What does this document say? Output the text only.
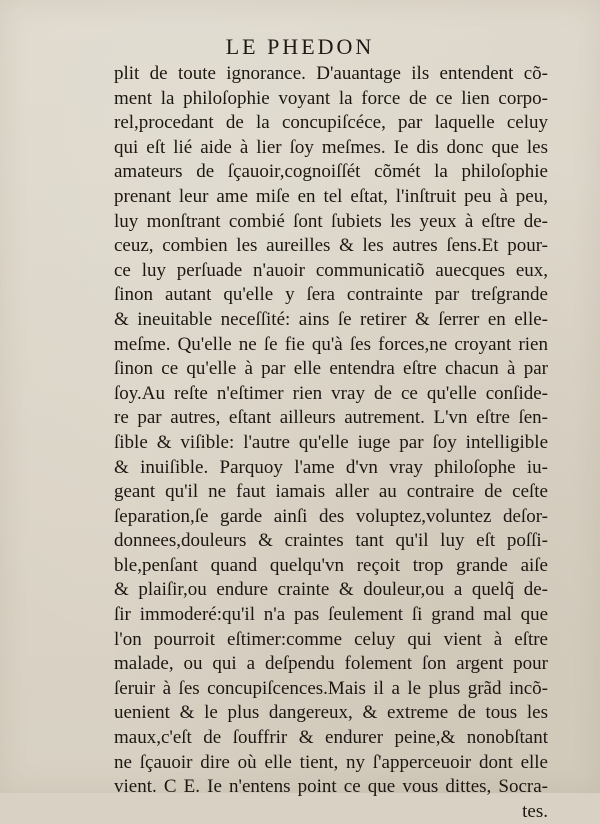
LE PHEDON
plit de toute ignorance. D'auantage ils entendent cõ-
ment la philoſophie voyant la force de ce lien corpo-
rel,procedant de la concupiſcéce, par laquelle celuy
qui eſt lié aide à lier ſoy meſmes. Ie dis donc que les
amateurs de ſçauoir,cognoiſſét cõmét la philoſophie
prenant leur ame miſe en tel eſtat, l'inſtruit peu à peu,
luy monſtrant combié ſont ſubiets les yeux à eſtre de-
ceuz, combien les aureilles & les autres ſens.Et pour-
ce luy perſuade n'auoir communicatiõ auecques eux,
ſinon autant qu'elle y ſera contrainte par treſgrande
& ineuitable neceſſité: ains ſe retirer & ſerrer en elle-
meſme. Qu'elle ne ſe fie qu'à ſes forces,ne croyant rien
ſinon ce qu'elle à par elle entendra eſtre chacun à par
ſoy.Au reſte n'eſtimer rien vray de ce qu'elle conſide-
re par autres, eſtant ailleurs autrement. L'vn eſtre ſen-
ſible & viſible: l'autre qu'elle iuge par ſoy intelligible
& inuiſible. Parquoy l'ame d'vn vray philoſophe iu-
geant qu'il ne faut iamais aller au contraire de ceſte
ſeparation,ſe garde ainſi des voluptez,voluntez deſor-
donnees,douleurs & craintes tant qu'il luy eſt poſſi-
ble,penſant quand quelqu'vn reçoit trop grande aiſe
& plaiſir,ou endure crainte & douleur,ou a quelq̃ de-
ſir immoderé:qu'il n'a pas ſeulement ſi grand mal que
l'on pourroit eſtimer:comme celuy qui vient à eſtre
malade, ou qui a deſpendu folement ſon argent pour
ſeruir à ſes concupiſcences.Mais il a le plus grãd incõ-
uenient & le plus dangereux, & extreme de tous les
maux,c'eſt de ſouffrir & endurer peine,& nonobſtant
ne ſçauoir dire où elle tient, ny ſ'apperceuoir dont elle
vient. C E. Ie n'entens point ce que vous dittes, Socra-
tes.
